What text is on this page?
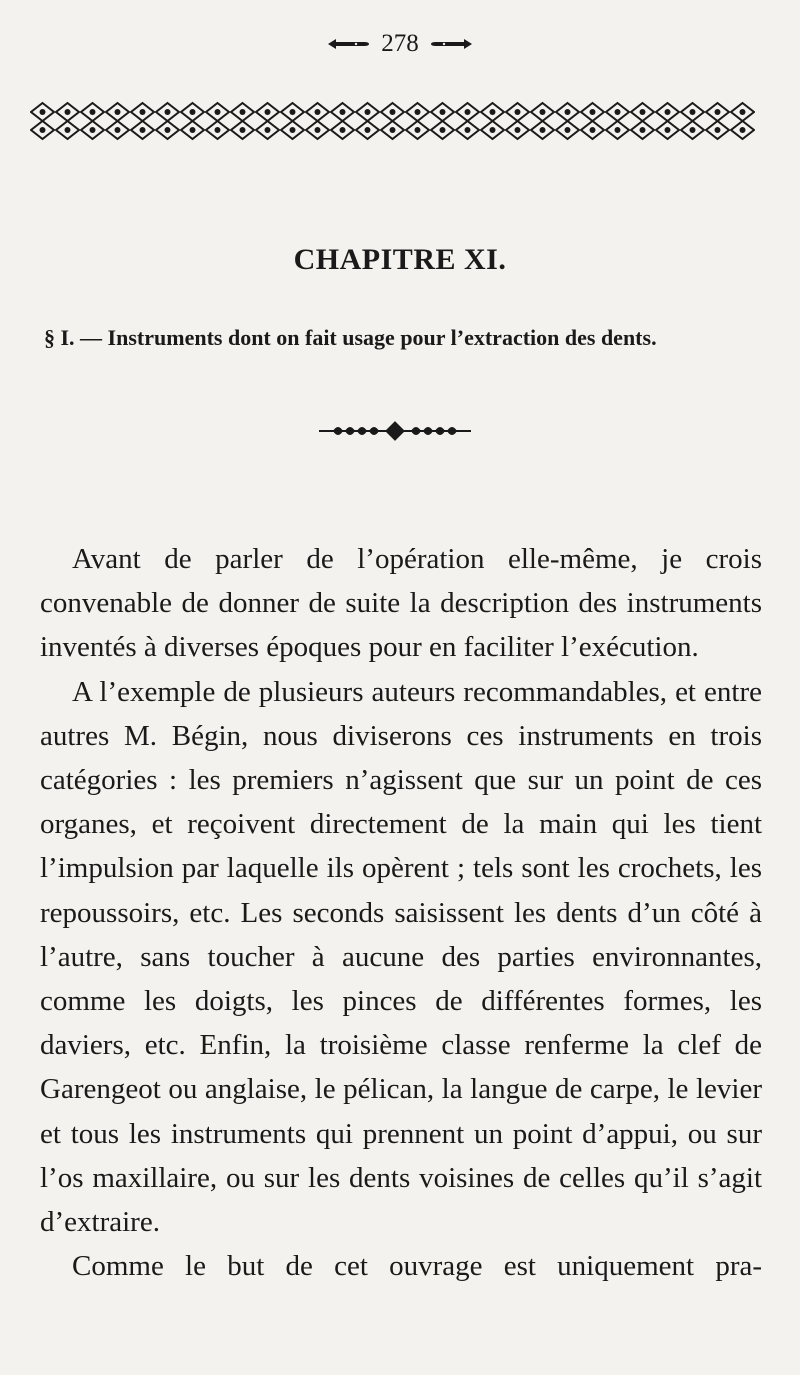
278
CHAPITRE XI.
§ I. — Instruments dont on fait usage pour l’extraction des dents.

Avant de parler de l’opération elle-même, je crois convenable de donner de suite la description des instruments inventés à diverses époques pour en faciliter l’exécution.

A l’exemple de plusieurs auteurs recommandables, et entre autres M. Bégin, nous diviserons ces instruments en trois catégories : les premiers n’agissent que sur un point de ces organes, et reçoivent directement de la main qui les tient l’impulsion par laquelle ils opèrent ; tels sont les crochets, les repoussoirs, etc. Les seconds saisissent les dents d’un côté à l’autre, sans toucher à aucune des parties environnantes, comme les doigts, les pinces de différentes formes, les daviers, etc. Enfin, la troisième classe renferme la clef de Garengeot ou anglaise, le pélican, la langue de carpe, le levier et tous les instruments qui prennent un point d’appui, ou sur l’os maxillaire, ou sur les dents voisines de celles qu’il s’agit d’extraire.

Comme le but de cet ouvrage est uniquement pra-
